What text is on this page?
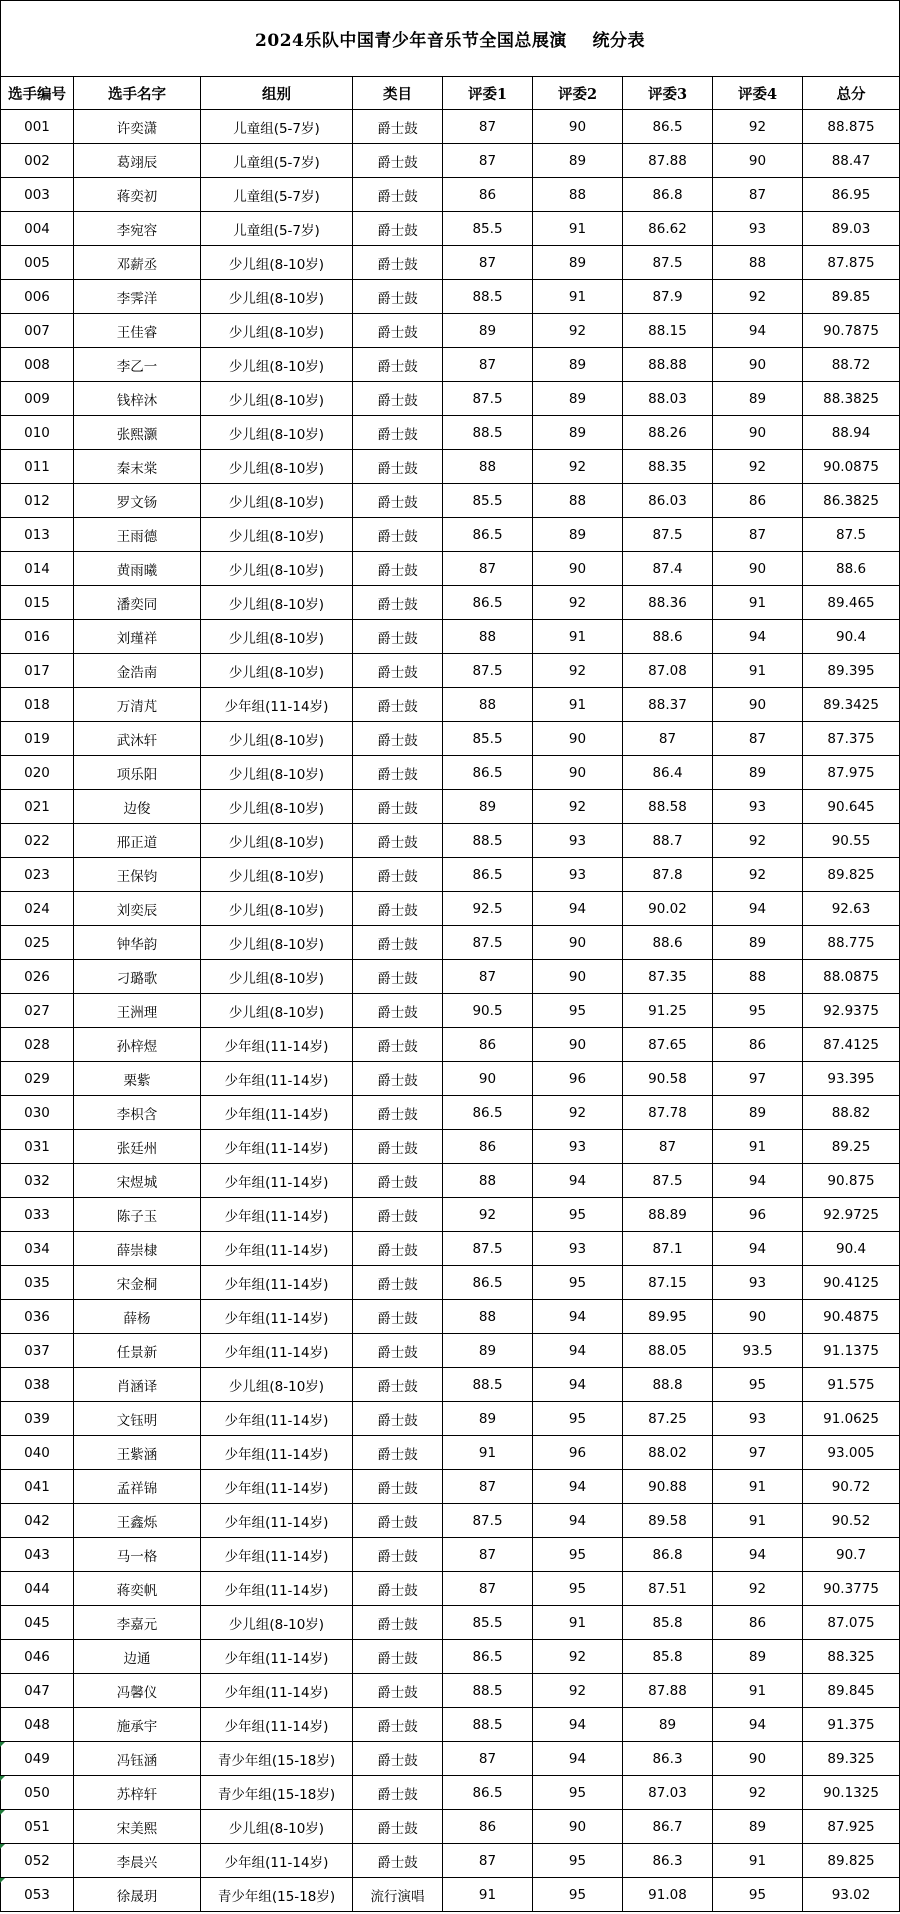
2024乐队中国青少年音乐节全国总展演    统分表								
选手编号	选手名字	组别	类目	评委1	评委2	评委3	评委4	总分
001	许奕潇	儿童组(5-7岁)	爵士鼓	87	90	86.5	92	88.875
002	葛翊辰	儿童组(5-7岁)	爵士鼓	87	89	87.88	90	88.47
003	蒋奕初	儿童组(5-7岁)	爵士鼓	86	88	86.8	87	86.95
004	李宛容	儿童组(5-7岁)	爵士鼓	85.5	91	86.62	93	89.03
005	邓薪丞	少儿组(8-10岁)	爵士鼓	87	89	87.5	88	87.875
006	李霁洋	少儿组(8-10岁)	爵士鼓	88.5	91	87.9	92	89.85
007	王佳睿	少儿组(8-10岁)	爵士鼓	89	92	88.15	94	90.7875
008	李乙一	少儿组(8-10岁)	爵士鼓	87	89	88.88	90	88.72
009	钱梓沐	少儿组(8-10岁)	爵士鼓	87.5	89	88.03	89	88.3825
010	张熙灏	少儿组(8-10岁)	爵士鼓	88.5	89	88.26	90	88.94
011	秦末棠	少儿组(8-10岁)	爵士鼓	88	92	88.35	92	90.0875
012	罗文钖	少儿组(8-10岁)	爵士鼓	85.5	88	86.03	86	86.3825
013	王雨德	少儿组(8-10岁)	爵士鼓	86.5	89	87.5	87	87.5
014	黄雨曦	少儿组(8-10岁)	爵士鼓	87	90	87.4	90	88.6
015	潘奕同	少儿组(8-10岁)	爵士鼓	86.5	92	88.36	91	89.465
016	刘瑾祥	少儿组(8-10岁)	爵士鼓	88	91	88.6	94	90.4
017	金浩南	少儿组(8-10岁)	爵士鼓	87.5	92	87.08	91	89.395
018	万清芃	少年组(11-14岁)	爵士鼓	88	91	88.37	90	89.3425
019	武沐轩	少儿组(8-10岁)	爵士鼓	85.5	90	87	87	87.375
020	项乐阳	少儿组(8-10岁)	爵士鼓	86.5	90	86.4	89	87.975
021	边俊	少儿组(8-10岁)	爵士鼓	89	92	88.58	93	90.645
022	邢正道	少儿组(8-10岁)	爵士鼓	88.5	93	88.7	92	90.55
023	王保钧	少儿组(8-10岁)	爵士鼓	86.5	93	87.8	92	89.825
024	刘奕辰	少儿组(8-10岁)	爵士鼓	92.5	94	90.02	94	92.63
025	钟华韵	少儿组(8-10岁)	爵士鼓	87.5	90	88.6	89	88.775
026	刁璐歌	少儿组(8-10岁)	爵士鼓	87	90	87.35	88	88.0875
027	王洲理	少儿组(8-10岁)	爵士鼓	90.5	95	91.25	95	92.9375
028	孙梓煜	少年组(11-14岁)	爵士鼓	86	90	87.65	86	87.4125
029	栗紫	少年组(11-14岁)	爵士鼓	90	96	90.58	97	93.395
030	李枳含	少年组(11-14岁)	爵士鼓	86.5	92	87.78	89	88.82
031	张廷州	少年组(11-14岁)	爵士鼓	86	93	87	91	89.25
032	宋煜城	少年组(11-14岁)	爵士鼓	88	94	87.5	94	90.875
033	陈子玉	少年组(11-14岁)	爵士鼓	92	95	88.89	96	92.9725
034	薛崇棣	少年组(11-14岁)	爵士鼓	87.5	93	87.1	94	90.4
035	宋金桐	少年组(11-14岁)	爵士鼓	86.5	95	87.15	93	90.4125
036	薛杨	少年组(11-14岁)	爵士鼓	88	94	89.95	90	90.4875
037	任景新	少年组(11-14岁)	爵士鼓	89	94	88.05	93.5	91.1375
038	肖涵译	少儿组(8-10岁)	爵士鼓	88.5	94	88.8	95	91.575
039	文钰明	少年组(11-14岁)	爵士鼓	89	95	87.25	93	91.0625
040	王紫涵	少年组(11-14岁)	爵士鼓	91	96	88.02	97	93.005
041	孟祥锦	少年组(11-14岁)	爵士鼓	87	94	90.88	91	90.72
042	王鑫烁	少年组(11-14岁)	爵士鼓	87.5	94	89.58	91	90.52
043	马一格	少年组(11-14岁)	爵士鼓	87	95	86.8	94	90.7
044	蒋奕帆	少年组(11-14岁)	爵士鼓	87	95	87.51	92	90.3775
045	李嘉元	少儿组(8-10岁)	爵士鼓	85.5	91	85.8	86	87.075
046	边通	少年组(11-14岁)	爵士鼓	86.5	92	85.8	89	88.325
047	冯馨仪	少年组(11-14岁)	爵士鼓	88.5	92	87.88	91	89.845
048	施承宇	少年组(11-14岁)	爵士鼓	88.5	94	89	94	91.375
049	冯钰涵	青少年组(15-18岁)	爵士鼓	87	94	86.3	90	89.325
050	苏梓轩	青少年组(15-18岁)	爵士鼓	86.5	95	87.03	92	90.1325
051	宋美熙	少儿组(8-10岁)	爵士鼓	86	90	86.7	89	87.925
052	李晨兴	少年组(11-14岁)	爵士鼓	87	95	86.3	91	89.825
053	徐晟玥	青少年组(15-18岁)	流行演唱	91	95	91.08	95	93.02
